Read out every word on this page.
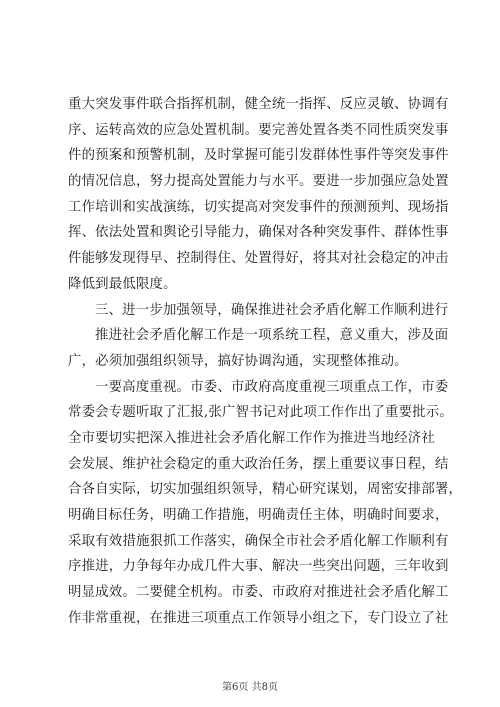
重大突发事件联合指挥机制，健全统一指挥、反应灵敏、协调有
序、运转高效的应急处置机制。要完善处置各类不同性质突发事
件的预案和预警机制，及时掌握可能引发群体性事件等突发事件
的情况信息，努力提高处置能力与水平。要进一步加强应急处置
工作培训和实战演练，切实提高对突发事件的预测预判、现场指
挥、依法处置和舆论引导能力，确保对各种突发事件、群体性事
件能够发现得早、控制得住、处置得好，将其对社会稳定的冲击
降低到最低限度。
三、进一步加强领导，确保推进社会矛盾化解工作顺利进行
推进社会矛盾化解工作是一项系统工程，意义重大，涉及面
广，必须加强组织领导，搞好协调沟通，实现整体推动。
一要高度重视。市委、市政府高度重视三项重点工作，市委
常委会专题听取了汇报,张广智书记对此项工作作出了重要批示。
全市要切实把深入推进社会矛盾化解工作作为推进当地经济社
会发展、维护社会稳定的重大政治任务，摆上重要议事日程，结
合各自实际，切实加强组织领导，精心研究谋划，周密安排部署，
明确目标任务，明确工作措施，明确责任主体，明确时间要求，
采取有效措施狠抓工作落实，确保全市社会矛盾化解工作顺利有
序推进，力争每年办成几件大事、解决一些突出问题，三年收到
明显成效。二要健全机构。市委、市政府对推进社会矛盾化解工
作非常重视，在推进三项重点工作领导小组之下，专门设立了社
第6页 共8页
